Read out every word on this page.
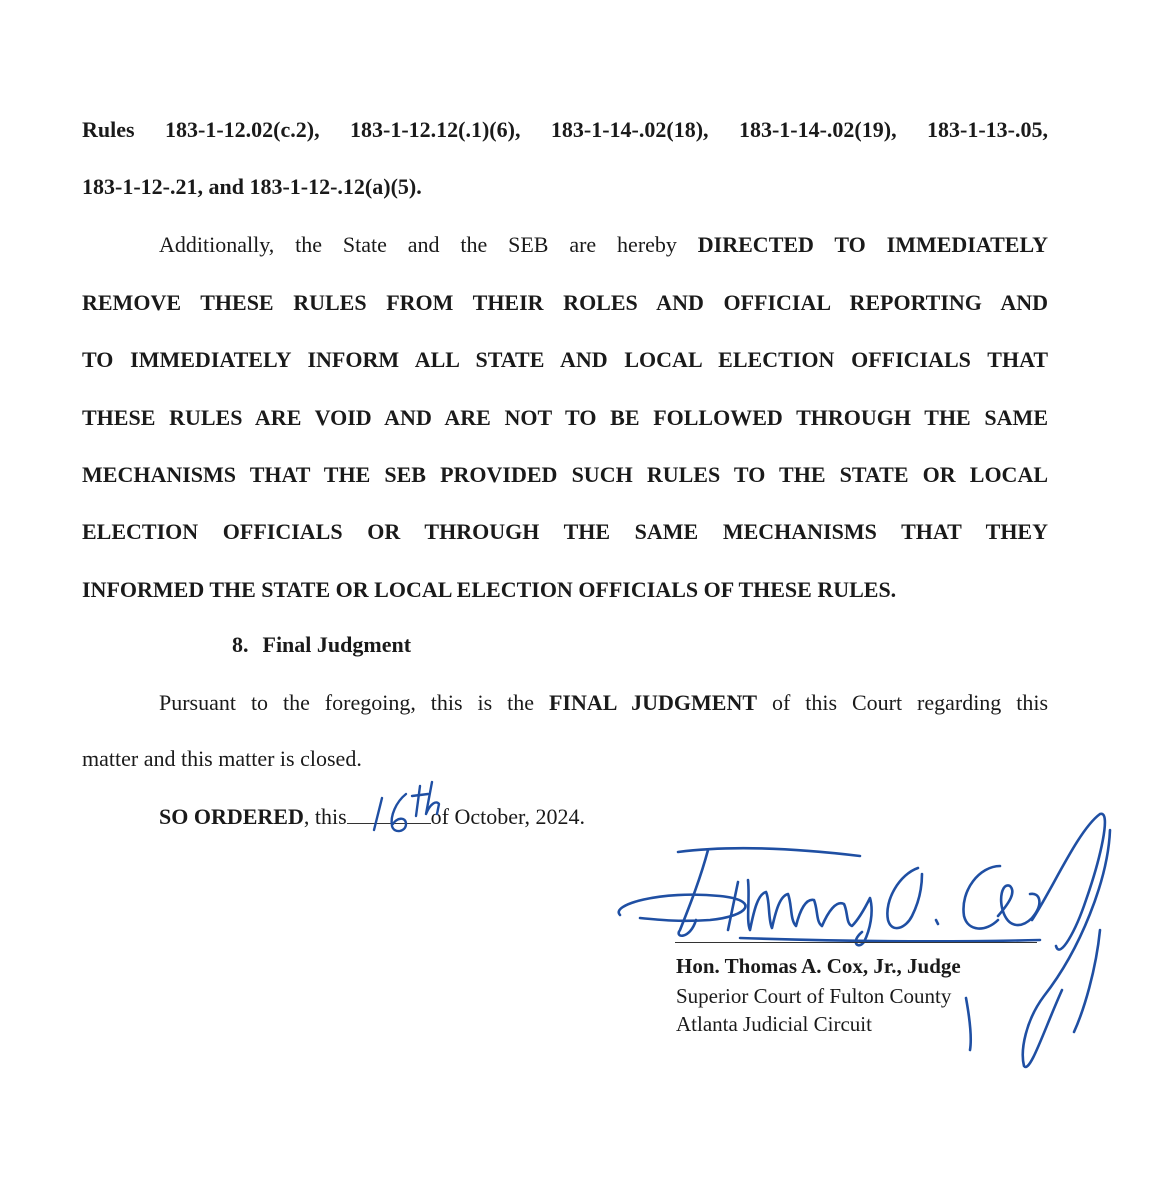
Rules 183-1-12.02(c.2), 183-1-12.12(.1)(6), 183-1-14-.02(18), 183-1-14-.02(19), 183-1-13-.05,
183-1-12-.21, and 183-1-12-.12(a)(5).
Additionally, the State and the SEB are hereby DIRECTED TO IMMEDIATELY
REMOVE THESE RULES FROM THEIR ROLES AND OFFICIAL REPORTING AND
TO IMMEDIATELY INFORM ALL STATE AND LOCAL ELECTION OFFICIALS THAT
THESE RULES ARE VOID AND ARE NOT TO BE FOLLOWED THROUGH THE SAME
MECHANISMS THAT THE SEB PROVIDED SUCH RULES TO THE STATE OR LOCAL
ELECTION OFFICIALS OR THROUGH THE SAME MECHANISMS THAT THEY
INFORMED THE STATE OR LOCAL ELECTION OFFICIALS OF THESE RULES.
8. Final Judgment
Pursuant to the foregoing, this is the FINAL JUDGMENT of this Court regarding this
matter and this matter is closed.
SO ORDERED, this	of October, 2024.
Hon. Thomas A. Cox, Jr., Judge
Superior Court of Fulton County
Atlanta Judicial Circuit
